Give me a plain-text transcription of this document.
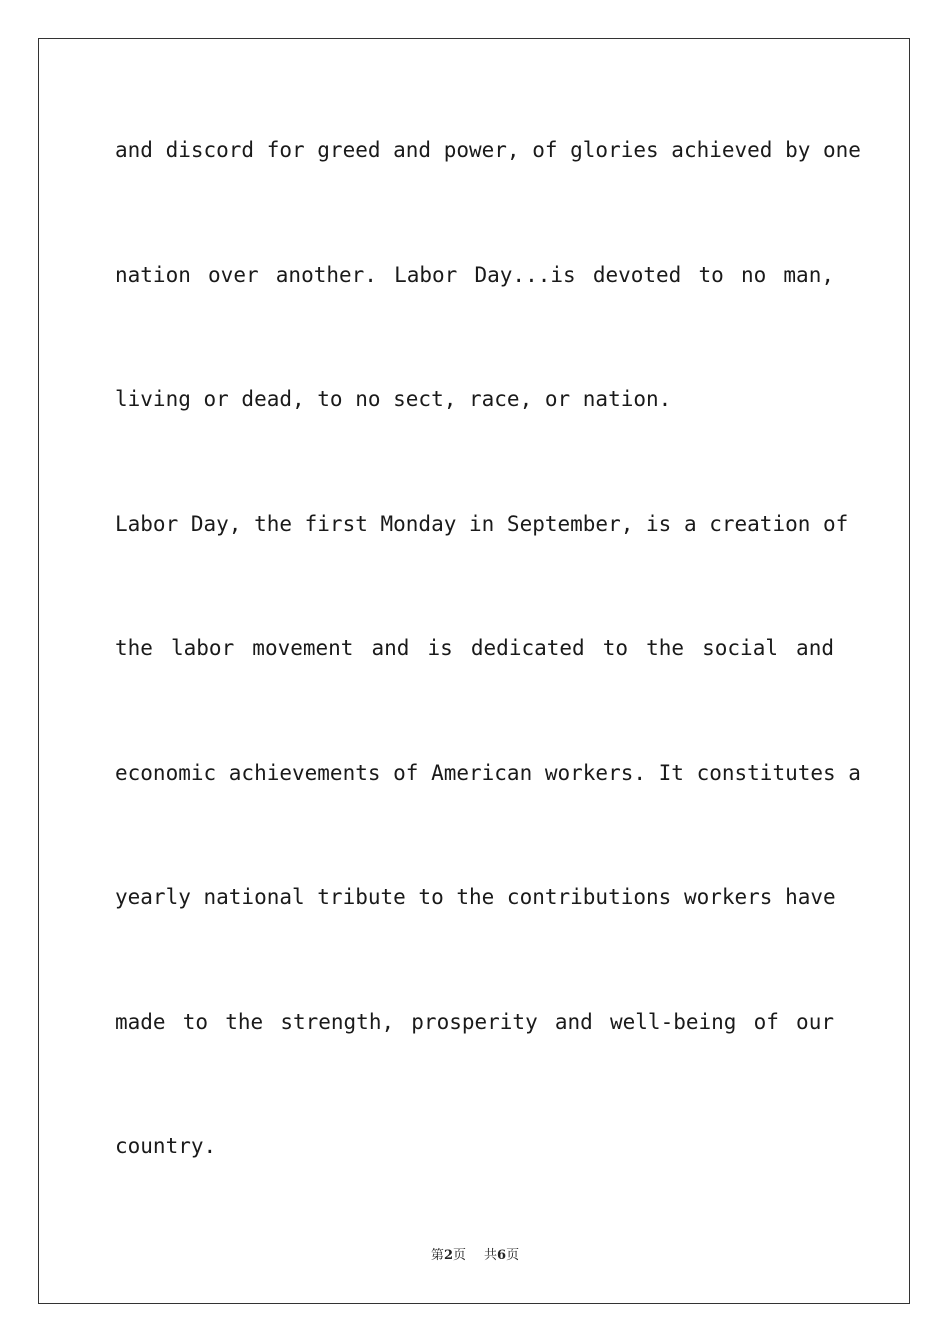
and discord for greed and power, of glories achieved by one
nation over another. Labor Day...is devoted to no man,
living or dead, to no sect, race, or nation.
Labor Day, the first Monday in September, is a creation of
the labor movement and is dedicated to the social and
economic achievements of American workers. It constitutes a
yearly national tribute to the contributions workers have
made to the strength, prosperity and well-being of our
country.
第2页 共6页
